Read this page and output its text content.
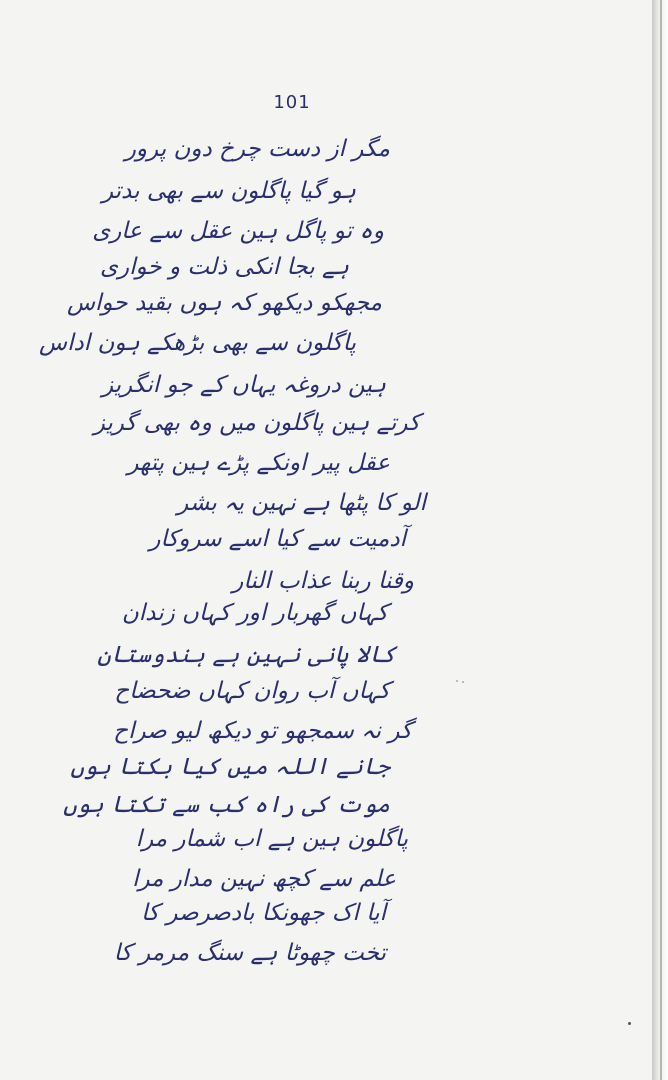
101
مگر از دست چرخ دون پرور
ہو گیا پاگلون سے بھی بدتر
وہ تو پاگل ہین عقل سے عاری
ہے بجا انکی ذلت و خواری
مجھکو دیکھو کہ ہوں بقید حواس
پاگلون سے بھی بڑھکے ہون اداس
ہین دروغہ یہاں کے جو انگریز
کرتے ہین پاگلون میں وہ بھی گریز
عقل پیر اونکے پڑے ہین پتھر
الو کا پٹھا ہے نہین یہ بشر
آدمیت سے کیا اسے سروکار
وقنا ربنا عذاب النار
کہاں گھربار اور کہاں زندان
کالا پانی نہین ہے ہندوستان
کہاں آب روان کہاں ضحضاح
گر نہ سمجھو تو دیکھ لیو صراح
جانے اللہ میں کیا بکتا ہوں
موت کی راہ کب سے تکتا ہوں
پاگلون ہین ہے اب شمار مرا
علم سے کچھ نہین مدار مرا
آیا اک جھونکا بادصرصر کا
تخت چھوٹا ہے سنگ مرمر کا
